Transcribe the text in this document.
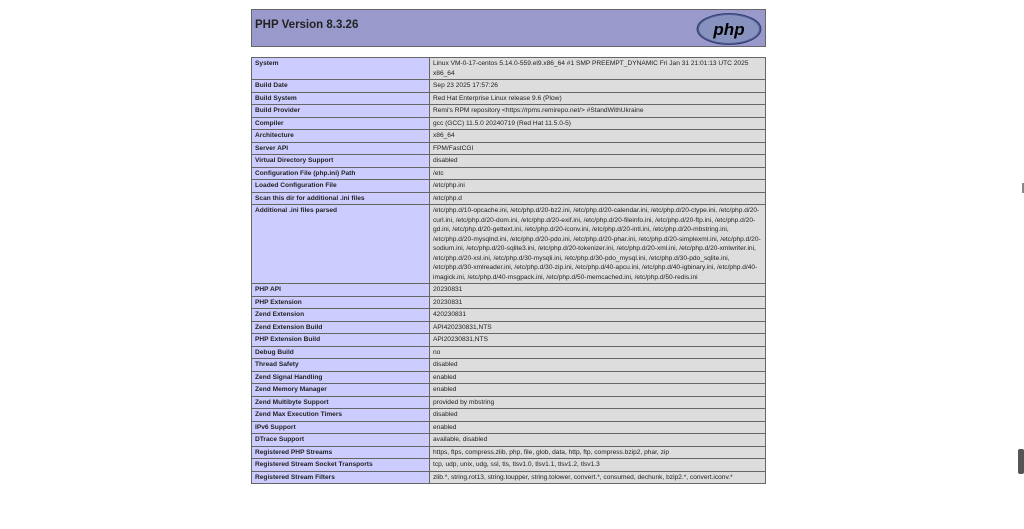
PHP Version 8.3.26	php
System	Linux VM-0-17-centos 5.14.0-559.el9.x86_64 #1 SMP PREEMPT_DYNAMIC Fri Jan 31 21:01:13 UTC 2025 x86_64
Build Date	Sep 23 2025 17:57:26
Build System	Red Hat Enterprise Linux release 9.6 (Plow)
Build Provider	Remi's RPM repository <https://rpms.remirepo.net/> #StandWithUkraine
Compiler	gcc (GCC) 11.5.0 20240719 (Red Hat 11.5.0-5)
Architecture	x86_64
Server API	FPM/FastCGI
Virtual Directory Support	disabled
Configuration File (php.ini) Path	/etc
Loaded Configuration File	/etc/php.ini
Scan this dir for additional .ini files	/etc/php.d
Additional .ini files parsed	/etc/php.d/10-opcache.ini, /etc/php.d/20-bz2.ini, /etc/php.d/20-calendar.ini, /etc/php.d/20-ctype.ini, /etc/php.d/20-curl.ini, /etc/php.d/20-dom.ini, /etc/php.d/20-exif.ini, /etc/php.d/20-fileinfo.ini, /etc/php.d/20-ftp.ini, /etc/php.d/20-gd.ini, /etc/php.d/20-gettext.ini, /etc/php.d/20-iconv.ini, /etc/php.d/20-intl.ini, /etc/php.d/20-mbstring.ini, /etc/php.d/20-mysqlnd.ini, /etc/php.d/20-pdo.ini, /etc/php.d/20-phar.ini, /etc/php.d/20-simplexml.ini, /etc/php.d/20-sodium.ini, /etc/php.d/20-sqlite3.ini, /etc/php.d/20-tokenizer.ini, /etc/php.d/20-xml.ini, /etc/php.d/20-xmlwriter.ini, /etc/php.d/20-xsl.ini, /etc/php.d/30-mysqli.ini, /etc/php.d/30-pdo_mysql.ini, /etc/php.d/30-pdo_sqlite.ini, /etc/php.d/30-xmlreader.ini, /etc/php.d/30-zip.ini, /etc/php.d/40-apcu.ini, /etc/php.d/40-igbinary.ini, /etc/php.d/40-imagick.ini, /etc/php.d/40-msgpack.ini, /etc/php.d/50-memcached.ini, /etc/php.d/50-redis.ini
PHP API	20230831
PHP Extension	20230831
Zend Extension	420230831
Zend Extension Build	API420230831,NTS
PHP Extension Build	API20230831,NTS
Debug Build	no
Thread Safety	disabled
Zend Signal Handling	enabled
Zend Memory Manager	enabled
Zend Multibyte Support	provided by mbstring
Zend Max Execution Timers	disabled
IPv6 Support	enabled
DTrace Support	available, disabled
Registered PHP Streams	https, ftps, compress.zlib, php, file, glob, data, http, ftp, compress.bzip2, phar, zip
Registered Stream Socket Transports	tcp, udp, unix, udg, ssl, tls, tlsv1.0, tlsv1.1, tlsv1.2, tlsv1.3
Registered Stream Filters	zlib.*, string.rot13, string.toupper, string.tolower, convert.*, consumed, dechunk, bzip2.*, convert.iconv.*
